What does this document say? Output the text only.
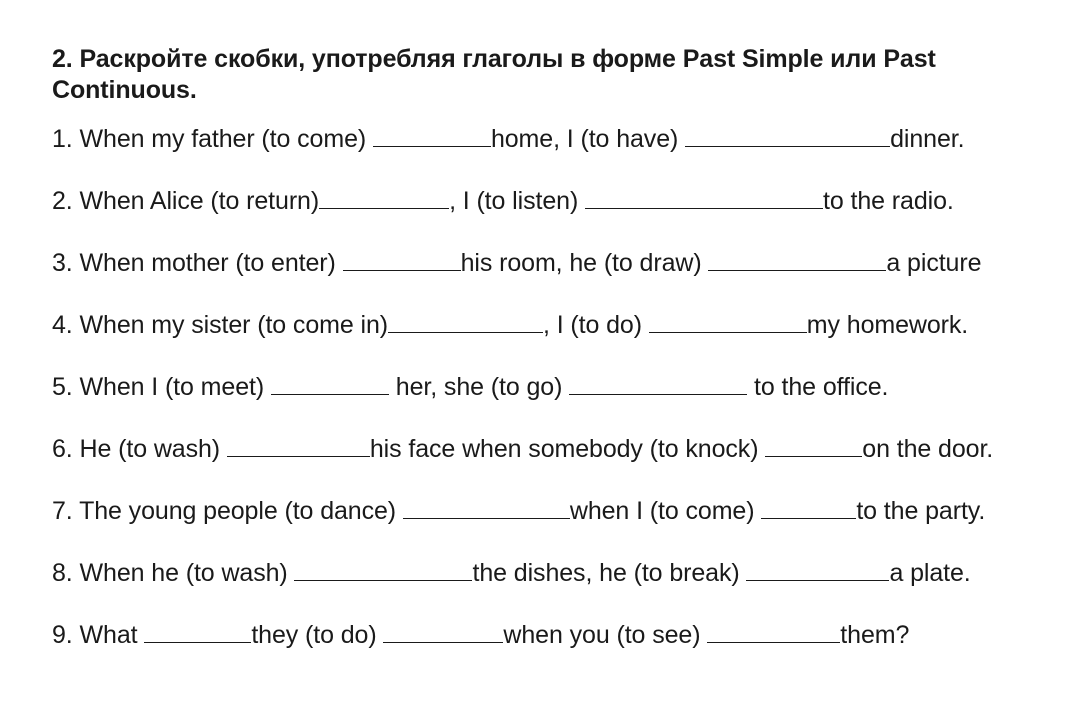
2. Раскройте скобки, употребляя глаголы в форме Past Simple или Past Continuous.
1. When my father (to come)	home, I (to have)	dinner.
2. When Alice (to return)	, I (to listen)	to the radio.
3. When mother (to enter)	his room, he (to draw)	a picture
4. When my sister (to come in)	, I (to do)	my homework.
5. When I (to meet)	her, she (to go)	to the office.
6. He (to wash)	his face when somebody (to knock)	on the door.
7. The young people (to dance)	when I (to come)	to the party.
8. When he (to wash)	the dishes, he (to break)	a plate.
9. What	they (to do)	when you (to see)	them?
